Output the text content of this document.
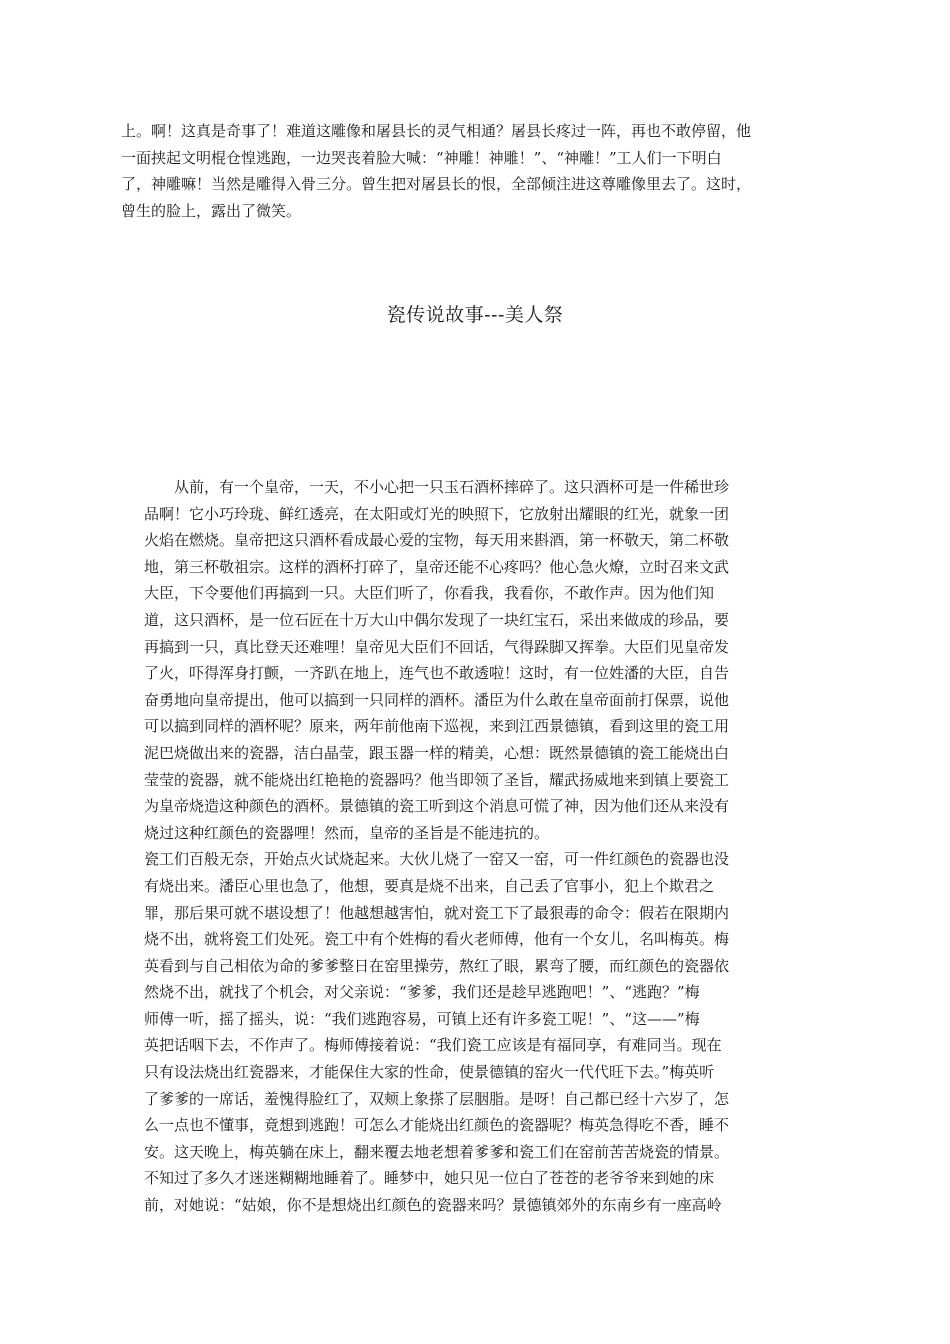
上。啊！这真是奇事了！难道这雕像和屠县长的灵气相通？屠县长疼过一阵，再也不敢停留，他
一面挟起文明棍仓惶逃跑，一边哭丧着脸大喊：“神雕！神雕！”、“神雕！”工人们一下明白
了，神雕嘛！当然是雕得入骨三分。曾生把对屠县长的恨，全部倾注进这尊雕像里去了。这时，
曾生的脸上，露出了微笑。
瓷传说故事---美人祭
从前，有一个皇帝，一天，不小心把一只玉石酒杯摔碎了。这只酒杯可是一件稀世珍
品啊！它小巧玲珑、鲜红透亮，在太阳或灯光的映照下，它放射出耀眼的红光，就象一团
火焰在燃烧。皇帝把这只酒杯看成最心爱的宝物，每天用来斟酒，第一杯敬天，第二杯敬
地，第三杯敬祖宗。这样的酒杯打碎了，皇帝还能不心疼吗？他心急火燎，立时召来文武
大臣，下令要他们再搞到一只。大臣们听了，你看我，我看你，不敢作声。因为他们知
道，这只酒杯，是一位石匠在十万大山中偶尔发现了一块红宝石，采出来做成的珍品，要
再搞到一只，真比登天还难哩！皇帝见大臣们不回话，气得跺脚又挥拳。大臣们见皇帝发
了火，吓得浑身打颤，一齐趴在地上，连气也不敢透啦！这时，有一位姓潘的大臣，自告
奋勇地向皇帝提出，他可以搞到一只同样的酒杯。潘臣为什么敢在皇帝面前打保票，说他
可以搞到同样的酒杯呢？原来，两年前他南下巡视，来到江西景德镇，看到这里的瓷工用
泥巴烧做出来的瓷器，洁白晶莹，跟玉器一样的精美，心想：既然景德镇的瓷工能烧出白
莹莹的瓷器，就不能烧出红艳艳的瓷器吗？他当即领了圣旨，耀武扬威地来到镇上要瓷工
为皇帝烧造这种颜色的酒杯。景德镇的瓷工听到这个消息可慌了神，因为他们还从来没有
烧过这种红颜色的瓷器哩！然而，皇帝的圣旨是不能违抗的。
瓷工们百般无奈，开始点火试烧起来。大伙儿烧了一窑又一窑，可一件红颜色的瓷器也没
有烧出来。潘臣心里也急了，他想，要真是烧不出来，自己丢了官事小，犯上个欺君之
罪，那后果可就不堪设想了！他越想越害怕，就对瓷工下了最狠毒的命令：假若在限期内
烧不出，就将瓷工们处死。瓷工中有个姓梅的看火老师傅，他有一个女儿，名叫梅英。梅
英看到与自己相依为命的爹爹整日在窑里操劳，熬红了眼，累弯了腰，而红颜色的瓷器依
然烧不出，就找了个机会，对父亲说：“爹爹，我们还是趁早逃跑吧！”、“逃跑？”梅
师傅一听，摇了摇头，说：“我们逃跑容易，可镇上还有许多瓷工呢！”、“这——”梅
英把话咽下去，不作声了。梅师傅接着说：“我们瓷工应该是有福同享，有难同当。现在
只有设法烧出红瓷器来，才能保住大家的性命，使景德镇的窑火一代代旺下去。”梅英听
了爹爹的一席话，羞愧得脸红了，双颊上象搽了层胭脂。是呀！自己都已经十六岁了，怎
么一点也不懂事，竟想到逃跑！可怎么才能烧出红颜色的瓷器呢？梅英急得吃不香，睡不
安。这天晚上，梅英躺在床上，翻来覆去地老想着爹爹和瓷工们在窑前苦苦烧瓷的情景。
不知过了多久才迷迷糊糊地睡着了。睡梦中，她只见一位白了苍苍的老爷爷来到她的床
前，对她说：“姑娘，你不是想烧出红颜色的瓷器来吗？景德镇郊外的东南乡有一座高岭
